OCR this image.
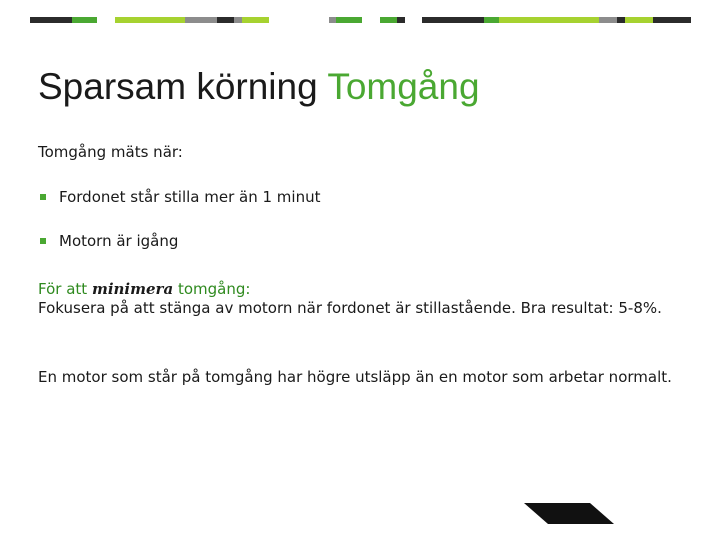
Sparsam körning Tomgång
Tomgång mäts när:
Fordonet står stilla mer än 1 minut
Motorn är igång
För att minimera tomgång:
Fokusera på att stänga av motorn när fordonet är stillastående. Bra resultat: 5-8%.
En motor som står på tomgång har högre utsläpp än en motor som arbetar normalt.
